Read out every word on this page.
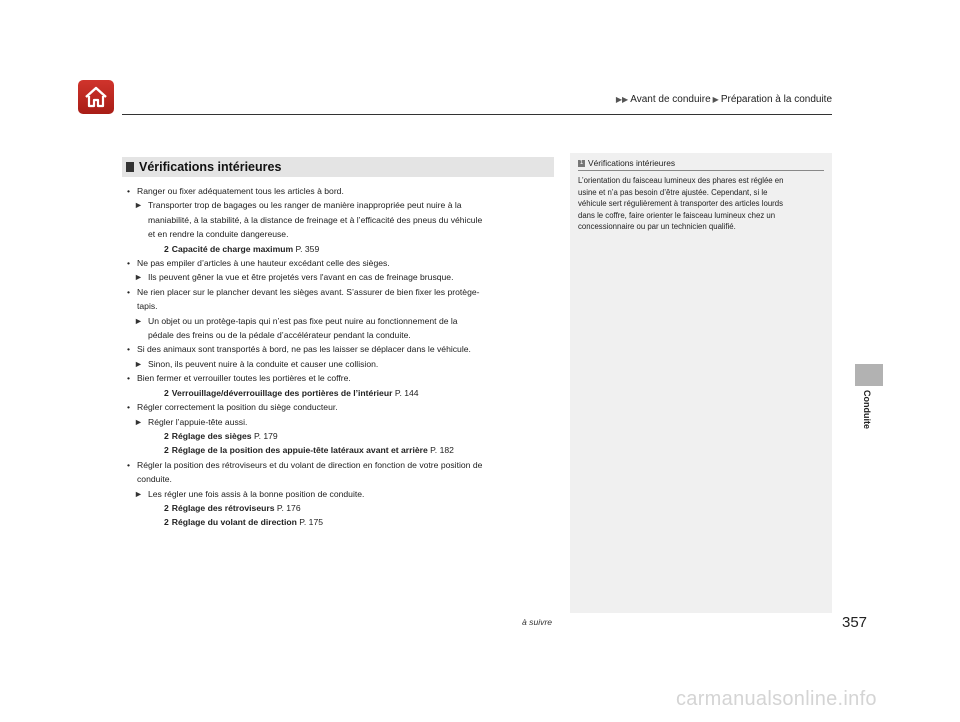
▶▶ Avant de conduire ▶ Préparation à la conduite
Vérifications intérieures
• Ranger ou fixer adéquatement tous les articles à bord.
► Transporter trop de bagages ou les ranger de manière inappropriée peut nuire à la
maniabilité, à la stabilité, à la distance de freinage et à l’efficacité des pneus du véhicule
et en rendre la conduite dangereuse.
2 Capacité de charge maximum P. 359
• Ne pas empiler d’articles à une hauteur excédant celle des sièges.
► Ils peuvent gêner la vue et être projetés vers l'avant en cas de freinage brusque.
• Ne rien placer sur le plancher devant les sièges avant. S’assurer de bien fixer les protège-
tapis.
► Un objet ou un protège-tapis qui n’est pas fixe peut nuire au fonctionnement de la
pédale des freins ou de la pédale d’accélérateur pendant la conduite.
• Si des animaux sont transportés à bord, ne pas les laisser se déplacer dans le véhicule.
► Sinon, ils peuvent nuire à la conduite et causer une collision.
• Bien fermer et verrouiller toutes les portières et le coffre.
2 Verrouillage/déverrouillage des portières de l’intérieur P. 144
• Régler correctement la position du siège conducteur.
► Régler l’appuie-tête aussi.
2 Réglage des sièges P. 179
2 Réglage de la position des appuie-tête latéraux avant et arrière P. 182
• Régler la position des rétroviseurs et du volant de direction en fonction de votre position de
conduite.
► Les régler une fois assis à la bonne position de conduite.
2 Réglage des rétroviseurs P. 176
2 Réglage du volant de direction P. 175
1 Vérifications intérieures
L’orientation du faisceau lumineux des phares est réglée en
usine et n’a pas besoin d’être ajustée. Cependant, si le
véhicule sert régulièrement à transporter des articles lourds
dans le coffre, faire orienter le faisceau lumineux chez un
concessionnaire ou par un technicien qualifié.

Conduite
à suivre	357
carmanualsonline.info
